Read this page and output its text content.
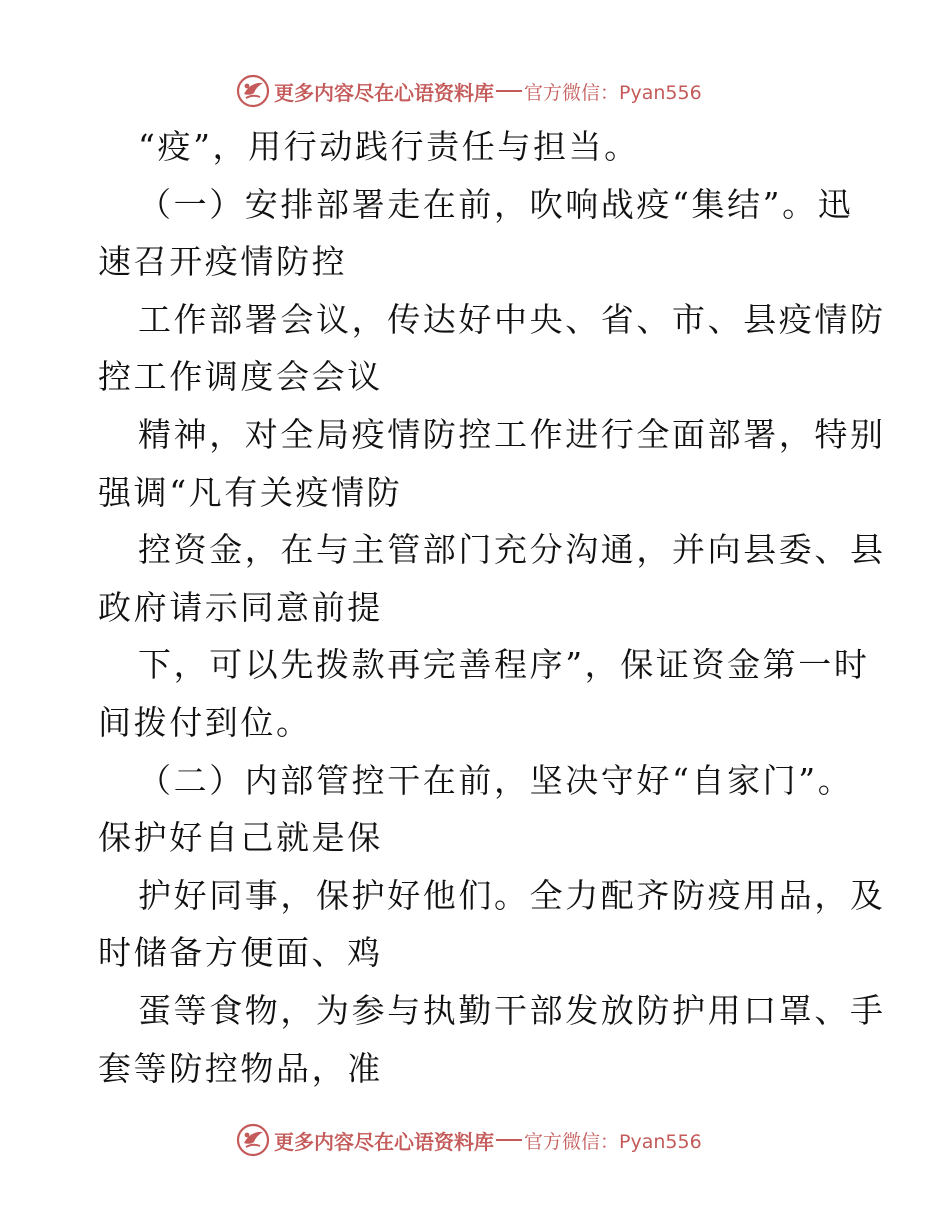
更多内容尽在心语资料库 官方微信：Pyan556
“疫”，用行动践行责任与担当。
（一）安排部署走在前，吹响战疫“集结”。迅
速召开疫情防控
工作部署会议，传达好中央、省、市、县疫情防
控工作调度会会议
精神，对全局疫情防控工作进行全面部署，特别
强调“凡有关疫情防
控资金，在与主管部门充分沟通，并向县委、县
政府请示同意前提
下，可以先拨款再完善程序”，保证资金第一时
间拨付到位。
（二）内部管控干在前，坚决守好“自家门”。
保护好自己就是保
护好同事，保护好他们。全力配齐防疫用品，及
时储备方便面、鸡
蛋等食物，为参与执勤干部发放防护用口罩、手
套等防控物品，准
更多内容尽在心语资料库 官方微信：Pyan556
